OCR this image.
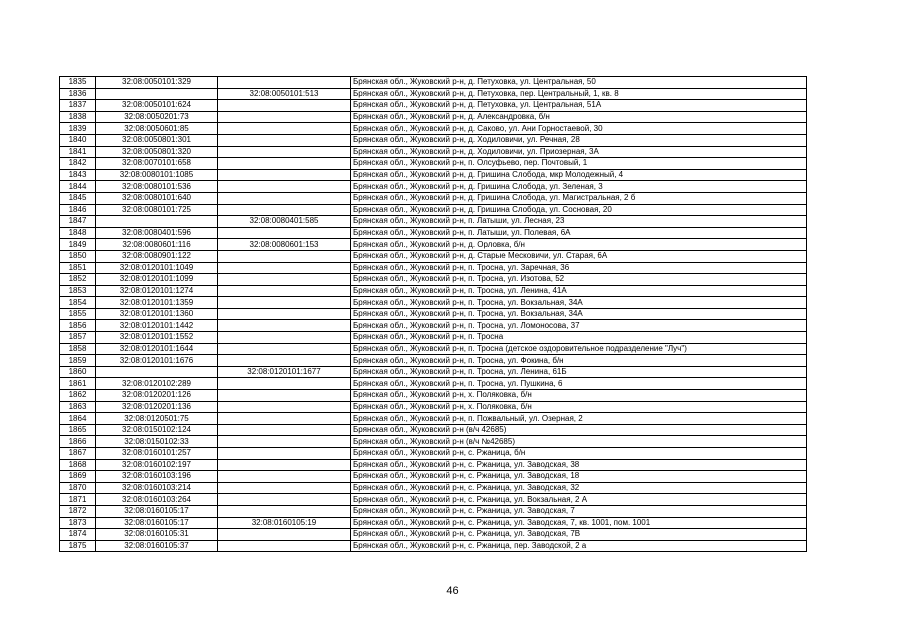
1835	32:08:0050101:329		Брянская обл., Жуковский р-н, д. Петуховка, ул. Центральная, 50
1836		32:08:0050101:513	Брянская обл., Жуковский р-н, д. Петуховка, пер. Центральный, 1, кв. 8
1837	32:08:0050101:624		Брянская обл., Жуковский р-н, д. Петуховка, ул. Центральная, 51А
1838	32:08:0050201:73		Брянская обл., Жуковский р-н, д. Александровка, б/н
1839	32:08:0050601:85		Брянская обл., Жуковский р-н, д. Саково, ул. Ани Горностаевой, 30
1840	32:08:0050801:301		Брянская обл., Жуковский р-н, д. Ходиловичи, ул. Речная, 28
1841	32:08:0050801:320		Брянская обл., Жуковский р-н, д. Ходиловичи, ул. Приозерная, 3А
1842	32:08:0070101:658		Брянская обл., Жуковский р-н, п. Олсуфьево, пер. Почтовый, 1
1843	32:08:0080101:1085		Брянская обл., Жуковский р-н, д. Гришина Слобода, мкр Молодежный, 4
1844	32:08:0080101:536		Брянская обл., Жуковский р-н, д. Гришина Слобода, ул. Зеленая, 3
1845	32:08:0080101:640		Брянская обл., Жуковский р-н, д. Гришина Слобода, ул. Магистральная, 2 б
1846	32:08:0080101:725		Брянская обл., Жуковский р-н, д. Гришина Слобода, ул. Сосновая, 20
1847		32:08:0080401:585	Брянская обл., Жуковский р-н, п. Латыши, ул. Лесная, 23
1848	32:08:0080401:596		Брянская обл., Жуковский р-н, п. Латыши, ул. Полевая, 6А
1849	32:08:0080601:116	32:08:0080601:153	Брянская обл., Жуковский р-н, д. Орловка, б/н
1850	32:08:0080901:122		Брянская обл., Жуковский р-н, д. Старые Месковичи, ул. Старая, 6А
1851	32:08:0120101:1049		Брянская обл., Жуковский р-н, п. Тросна, ул. Заречная, 36
1852	32:08:0120101:1099		Брянская обл., Жуковский р-н, п. Тросна, ул. Изотова, 52
1853	32:08:0120101:1274		Брянская обл., Жуковский р-н, п. Тросна, ул. Ленина, 41А
1854	32:08:0120101:1359		Брянская обл., Жуковский р-н, п. Тросна, ул. Вокзальная, 34А
1855	32:08:0120101:1360		Брянская обл., Жуковский р-н, п. Тросна, ул. Вокзальная, 34А
1856	32:08:0120101:1442		Брянская обл., Жуковский р-н, п. Тросна, ул. Ломоносова, 37
1857	32:08:0120101:1552		Брянская обл., Жуковский р-н, п. Тросна
1858	32:08:0120101:1644		Брянская обл., Жуковский р-н, п. Тросна (детское оздоровительное подразделение "Луч")
1859	32:08:0120101:1676		Брянская обл., Жуковский р-н, п. Тросна, ул. Фокина, б/н
1860		32:08:0120101:1677	Брянская обл., Жуковский р-н, п. Тросна, ул. Ленина, 61Б
1861	32:08:0120102:289		Брянская обл., Жуковский р-н, п. Тросна, ул. Пушкина, 6
1862	32:08:0120201:126		Брянская обл., Жуковский р-н, х. Поляковка, б/н
1863	32:08:0120201:136		Брянская обл., Жуковский р-н, х. Поляковка, б/н
1864	32:08:0120501:75		Брянская обл., Жуковский р-н, п. Пожвальный, ул. Озерная, 2
1865	32:08:0150102:124		Брянская обл., Жуковский р-н (в/ч 42685)
1866	32:08:0150102:33		Брянская обл., Жуковский р-н (в/ч №42685)
1867	32:08:0160101:257		Брянская обл., Жуковский р-н, с. Ржаница, б/н
1868	32:08:0160102:197		Брянская обл., Жуковский р-н, с. Ржаница, ул. Заводская, 38
1869	32:08:0160103:196		Брянская обл., Жуковский р-н, с. Ржаница, ул. Заводская, 18
1870	32:08:0160103:214		Брянская обл., Жуковский р-н, с. Ржаница, ул. Заводская, 32
1871	32:08:0160103:264		Брянская обл., Жуковский р-н, с. Ржаница, ул. Вокзальная, 2 А
1872	32:08:0160105:17		Брянская обл., Жуковский р-н, с. Ржаница, ул. Заводская, 7
1873	32:08:0160105:17	32:08:0160105:19	Брянская обл., Жуковский р-н, с. Ржаница, ул. Заводская, 7, кв. 1001, пом. 1001
1874	32:08:0160105:31		Брянская обл., Жуковский р-н, с. Ржаница, ул. Заводская, 7В
1875	32:08:0160105:37		Брянская обл., Жуковский р-н, с. Ржаница, пер. Заводской, 2 а
46
